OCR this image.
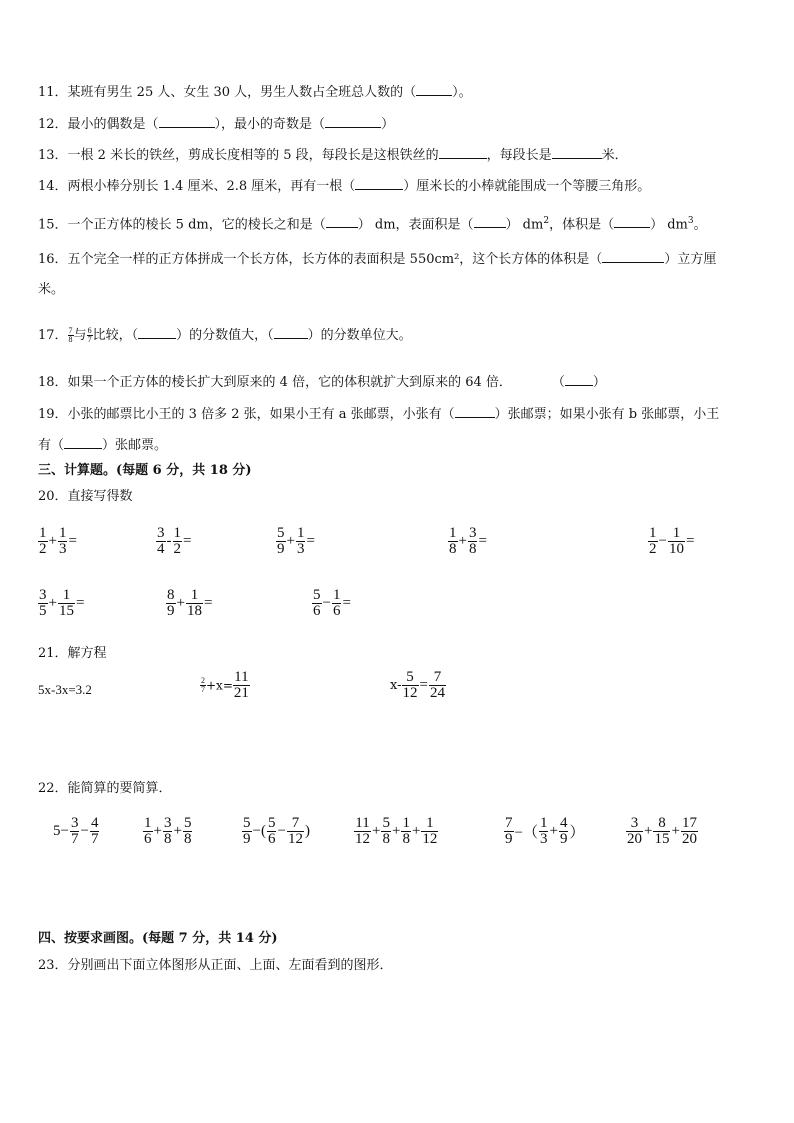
11．某班有男生 25 人、女生 30 人，男生人数占全班总人数的（	）。
12．最小的偶数是（	），最小的奇数是（	）
13．一根 2 米长的铁丝，剪成长度相等的 5 段，每段长是这根铁丝的	，每段长是	米．
14．两根小棒分别长 1.4 厘米、2.8 厘米，再有一根（	）厘米长的小棒就能围成一个等腰三角形。
15．一个正方体的棱长 5 dm，它的棱长之和是（ ） dm，表面积是（ ） $dm^2$，体积是（	） $dm^3$。
16．五个完全一样的正方体拼成一个长方体，长方体的表面积是 550cm²，这个长方体的体积是（	）立方厘
米。
17． $\frac{7}{8}$ 与 $\frac{6}{7}$ 比较，（	）的分数值大，（	）的分数单位大。
18．如果一个正方体的棱长扩大到原来的 4 倍，它的体积就扩大到原来的 64 倍．	（ ）
19．小张的邮票比小王的 3 倍多 2 张，如果小王有 a 张邮票，小张有（	）张邮票；如果小张有 b 张邮票，小王
有（	）张邮票。
三、计算题。(每题 6 分，共 18 分)
20．直接写得数
$\frac{1}{2} + \frac{1}{3}$ =	$\frac{3}{4} - \frac{1}{2}$ =	$\frac{5}{9} + \frac{1}{3}$ =	$\frac{1}{8} + \frac{3}{8}$ =	$\frac{1}{2} - \frac{1}{10}$ =
$\frac{3}{5} + \frac{1}{15}$ =	$\frac{8}{9} + \frac{1}{18}$ =	$\frac{5}{6} - \frac{1}{6}$ =
21．解方程
5x-3x=3.2	$\frac{2}{7} +x= \frac{11}{21}$	$x- \frac{5}{12} = \frac{7}{24}$
22．能简算的要简算．
$5- \frac{3}{7} - \frac{4}{7}$	$\frac{1}{6} + \frac{3}{8} + \frac{5}{8}$	$\frac{5}{9}$ −( $\frac{5}{6} - \frac{7}{12}$ )	$\frac{11}{12} + \frac{5}{8} + \frac{1}{8} + \frac{1}{12}$	$\frac{7}{9}$ −（ $\frac{1}{3} + \frac{4}{9}$ ）	$\frac{3}{20} + \frac{8}{15} + \frac{17}{20}$
四、按要求画图。(每题 7 分，共 14 分)
23．分别画出下面立体图形从正面、上面、左面看到的图形．
